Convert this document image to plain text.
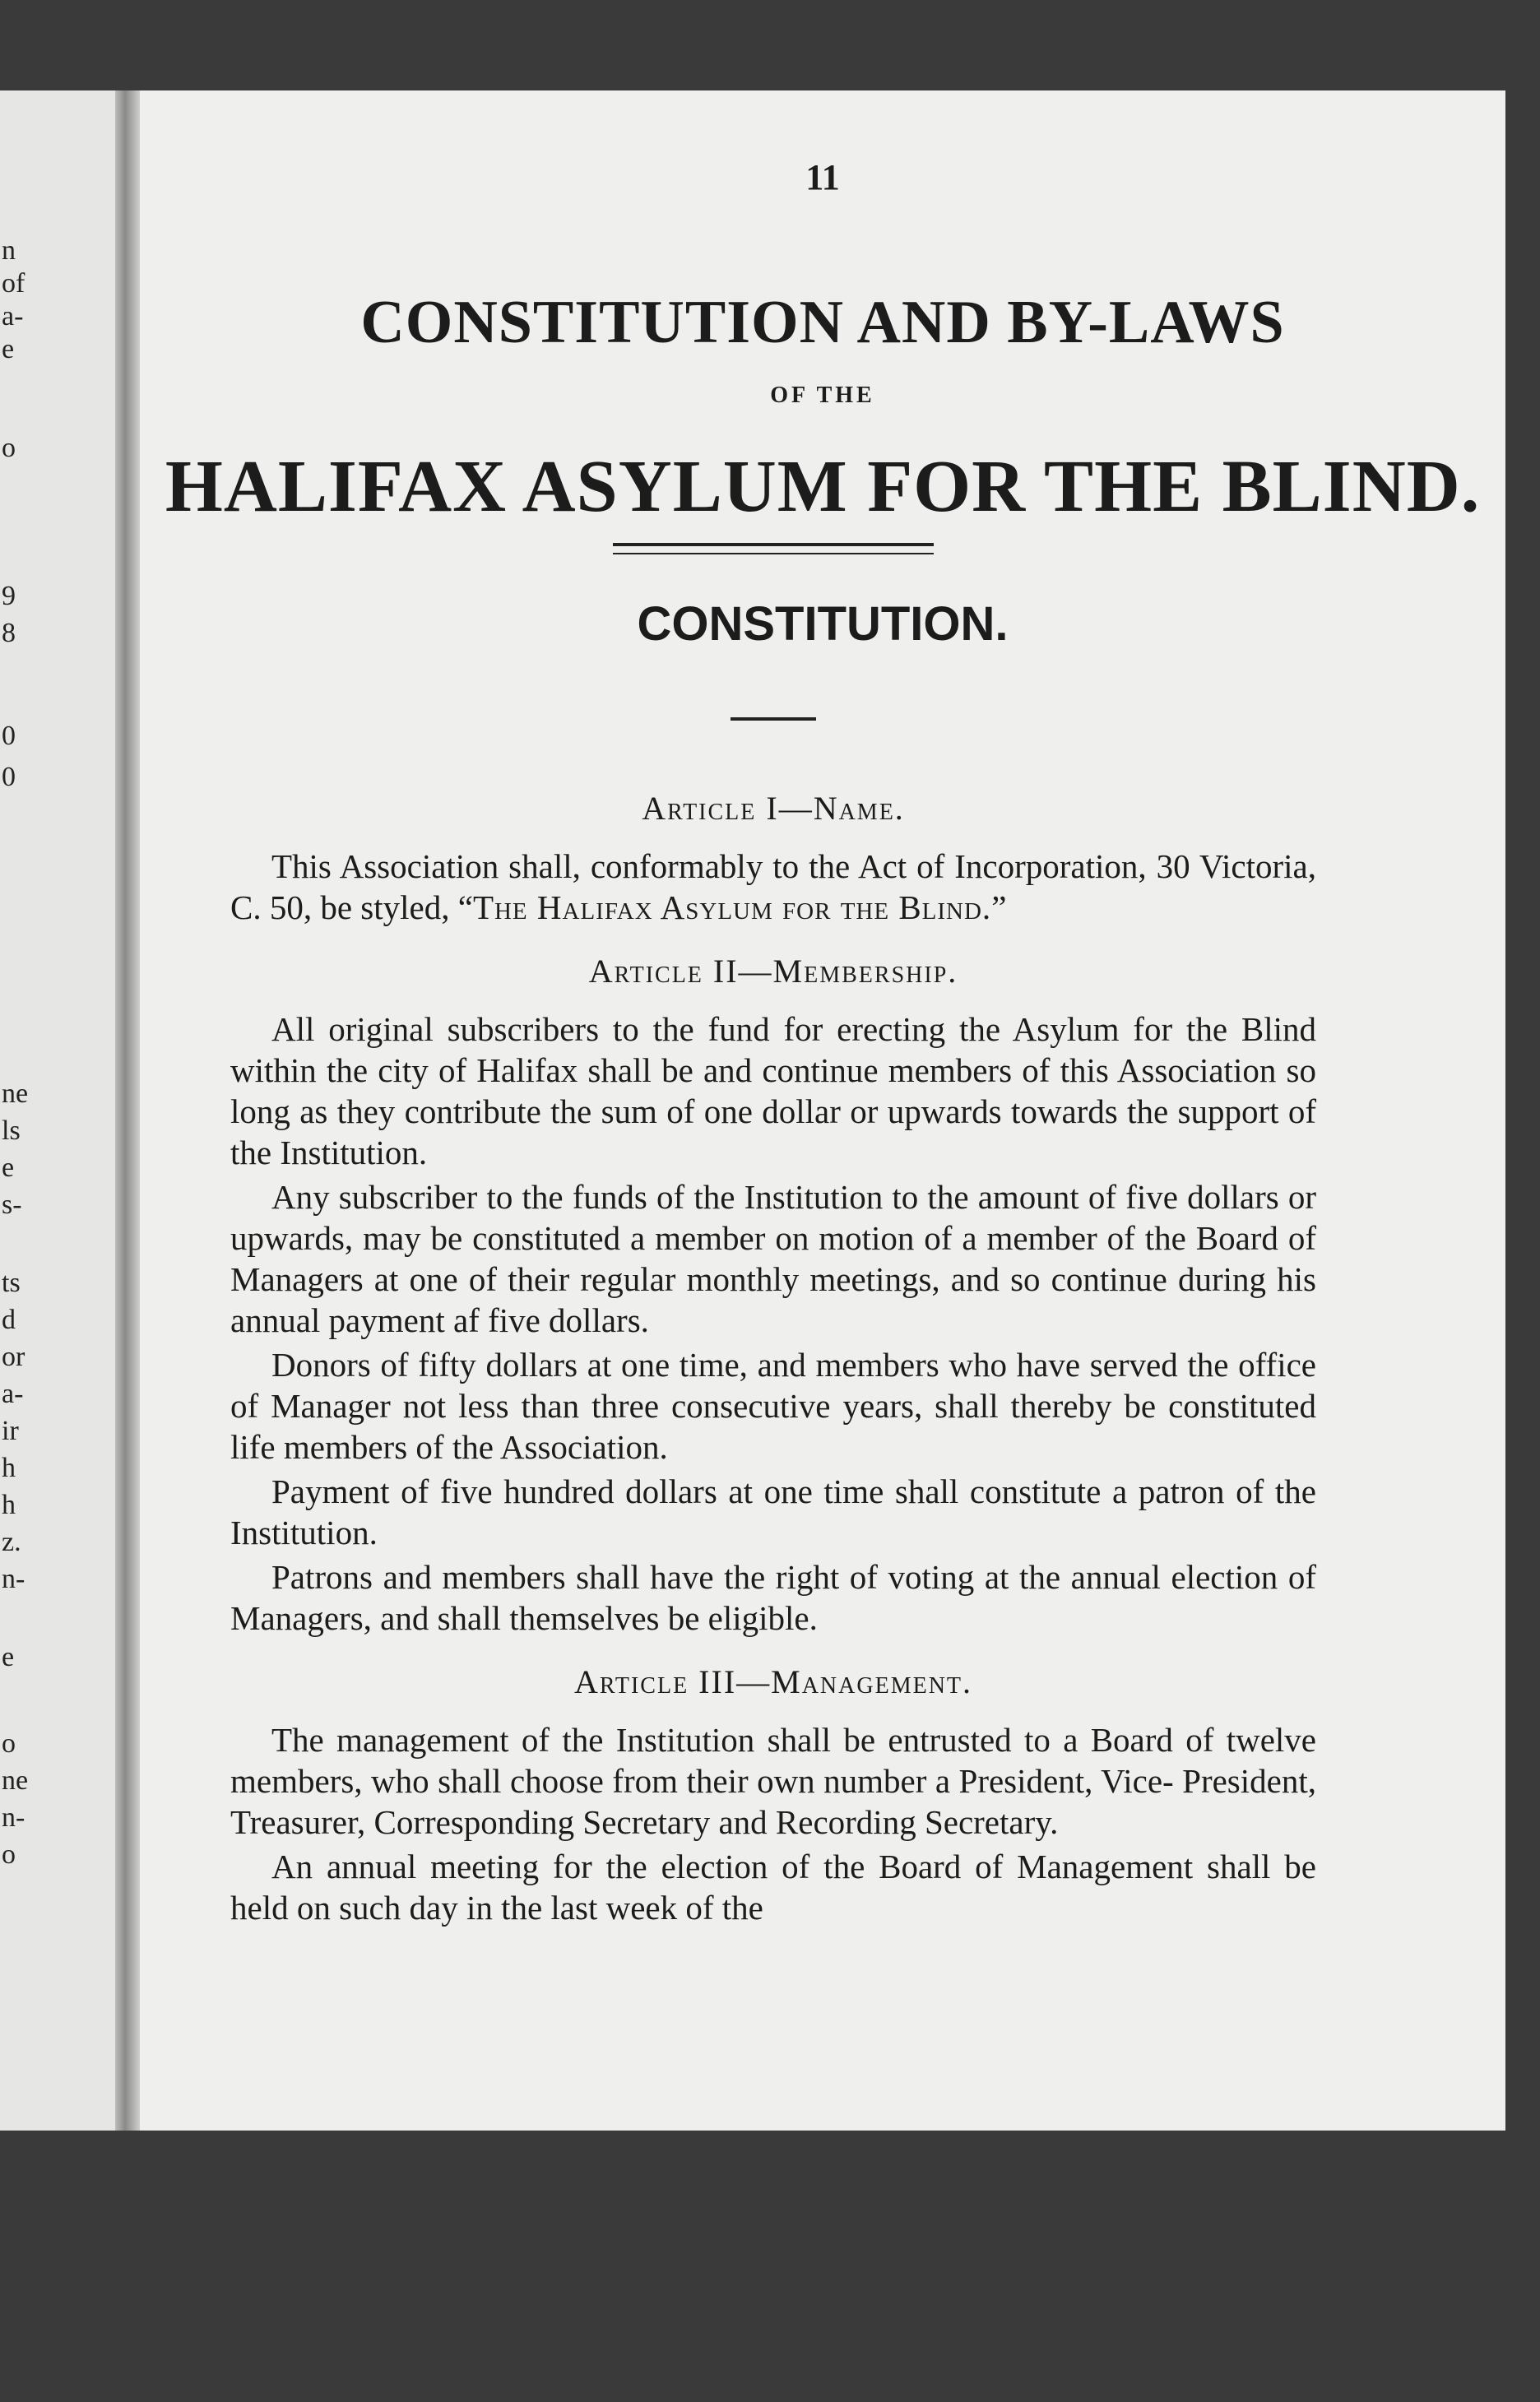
n
of
a-
e
o
9
8
0
0
ne
ls
e
s-
ts
d
or
a-
ir
h
h
z.
n-
e
o
ne
n-
o
11
CONSTITUTION AND BY-LAWS
OF THE
HALIFAX ASYLUM FOR THE BLIND.
CONSTITUTION.
Article I—Name.

This Association shall, conformably to the Act of Incorporation, 30 Victoria, C. 50, be styled, “The Halifax Asylum for the Blind.”

Article II—Membership.

All original subscribers to the fund for erecting the Asylum for the Blind within the city of Halifax shall be and continue members of this Association so long as they contribute the sum of one dollar or upwards towards the support of the Institution.

Any subscriber to the funds of the Institution to the amount of five dollars or upwards, may be constituted a member on motion of a member of the Board of Managers at one of their regular monthly meetings, and so continue during his annual payment af five dollars.

Donors of fifty dollars at one time, and members who have served the office of Manager not less than three consecutive years, shall thereby be constituted life members of the Association.

Payment of five hundred dollars at one time shall constitute a patron of the Institution.

Patrons and members shall have the right of voting at the annual election of Managers, and shall themselves be eligible.

Article III—Management.

The management of the Institution shall be entrusted to a Board of twelve members, who shall choose from their own number a President, Vice- President, Treasurer, Corresponding Secretary and Recording Secretary.

An annual meeting for the election of the Board of Management shall be held on such day in the last week of the
